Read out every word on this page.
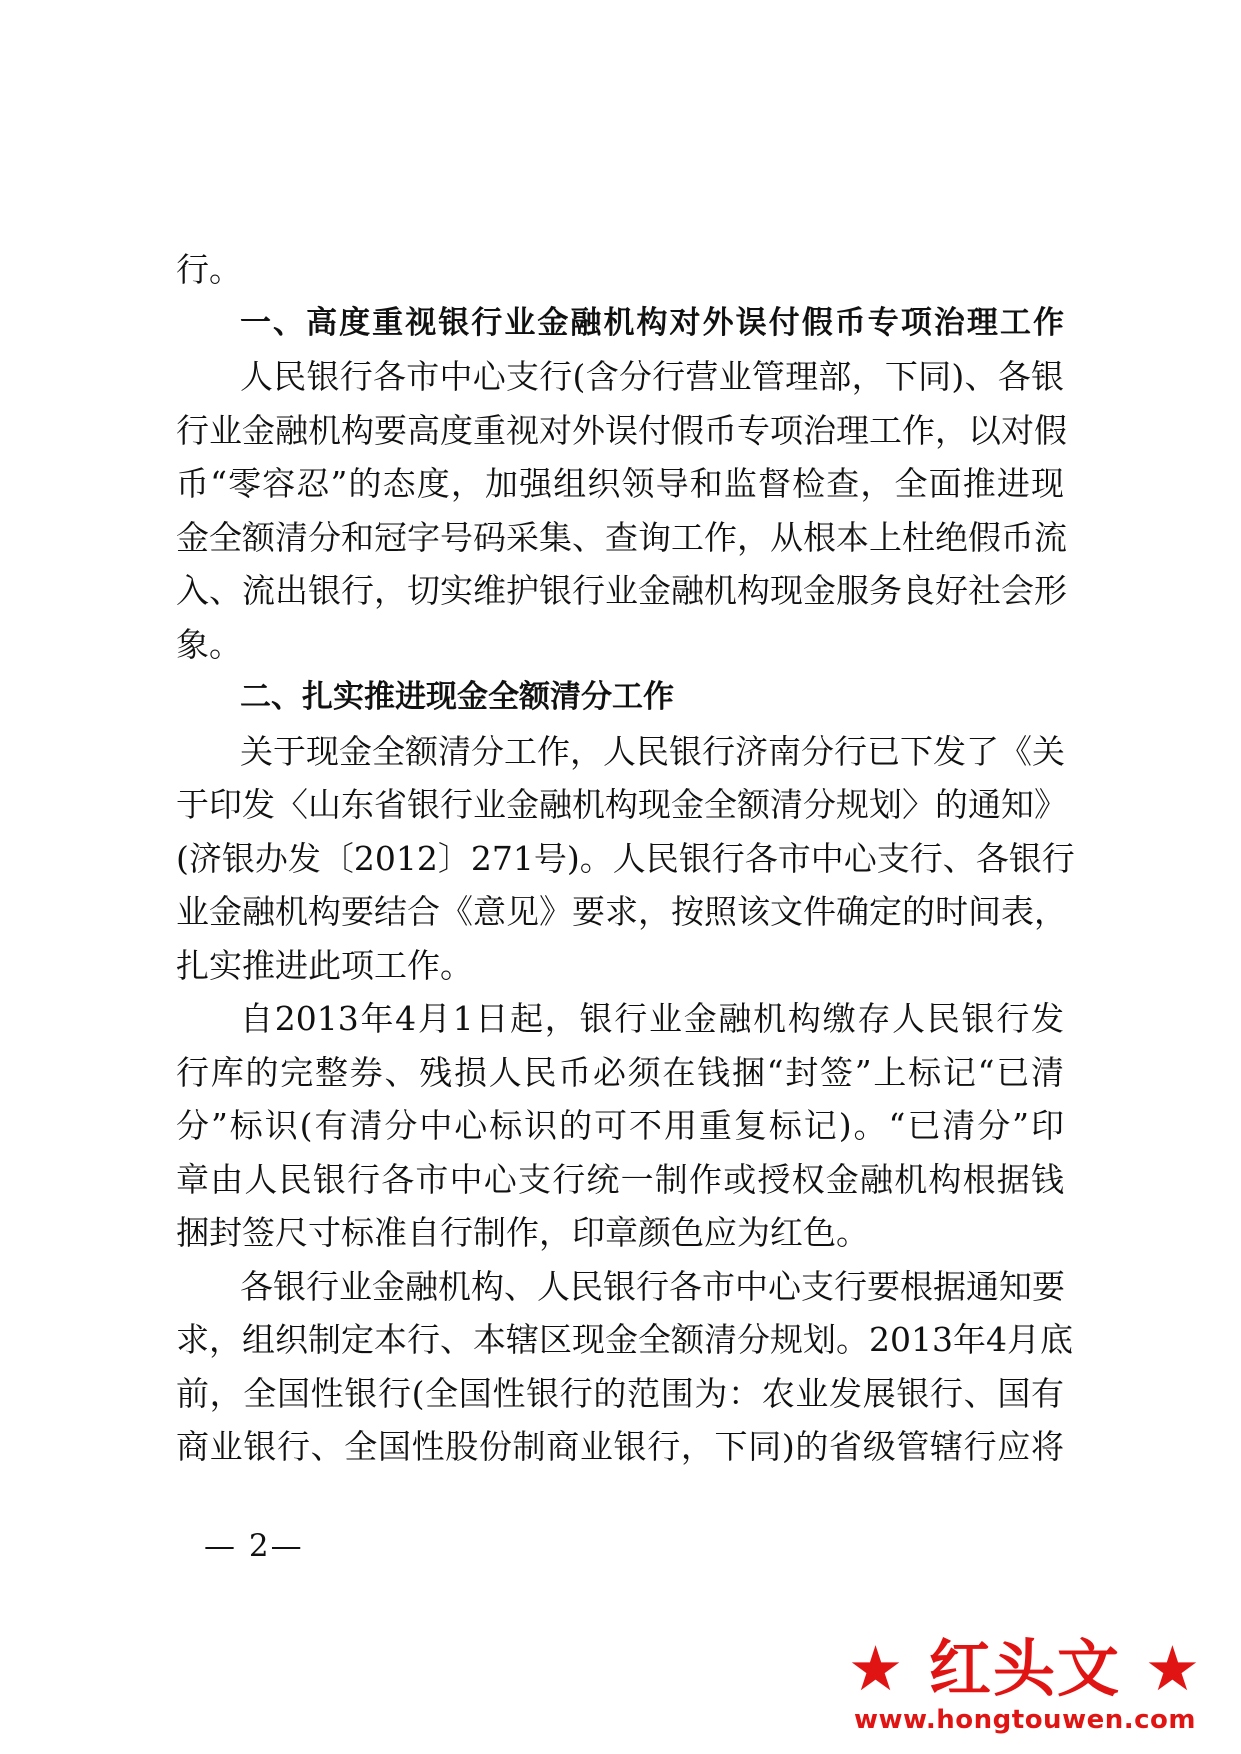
行。
一、高度重视银行业金融机构对外误付假币专项治理工作
人民银行各市中心支行(含分行营业管理部，下同)、各银
行业金融机构要高度重视对外误付假币专项治理工作，以对假
币“零容忍”的态度，加强组织领导和监督检查，全面推进现
金全额清分和冠字号码采集、查询工作，从根本上杜绝假币流
入、流出银行，切实维护银行业金融机构现金服务良好社会形
象。
二、扎实推进现金全额清分工作
关于现金全额清分工作，人民银行济南分行已下发了《关
于印发〈山东省银行业金融机构现金全额清分规划〉的通知》
(济银办发〔2012〕271号)。人民银行各市中心支行、各银行
业金融机构要结合《意见》要求，按照该文件确定的时间表，
扎实推进此项工作。
自2013年4月1日起，银行业金融机构缴存人民银行发
行库的完整券、残损人民币必须在钱捆“封签”上标记“已清
分”标识(有清分中心标识的可不用重复标记)。“已清分”印
章由人民银行各市中心支行统一制作或授权金融机构根据钱
捆封签尺寸标准自行制作，印章颜色应为红色。
各银行业金融机构、人民银行各市中心支行要根据通知要
求，组织制定本行、本辖区现金全额清分规划。2013年4月底
前，全国性银行(全国性银行的范围为：农业发展银行、国有
商业银行、全国性股份制商业银行，下同)的省级管辖行应将
— 2—
★ 红头文 ★
www.hongtouwen.com
